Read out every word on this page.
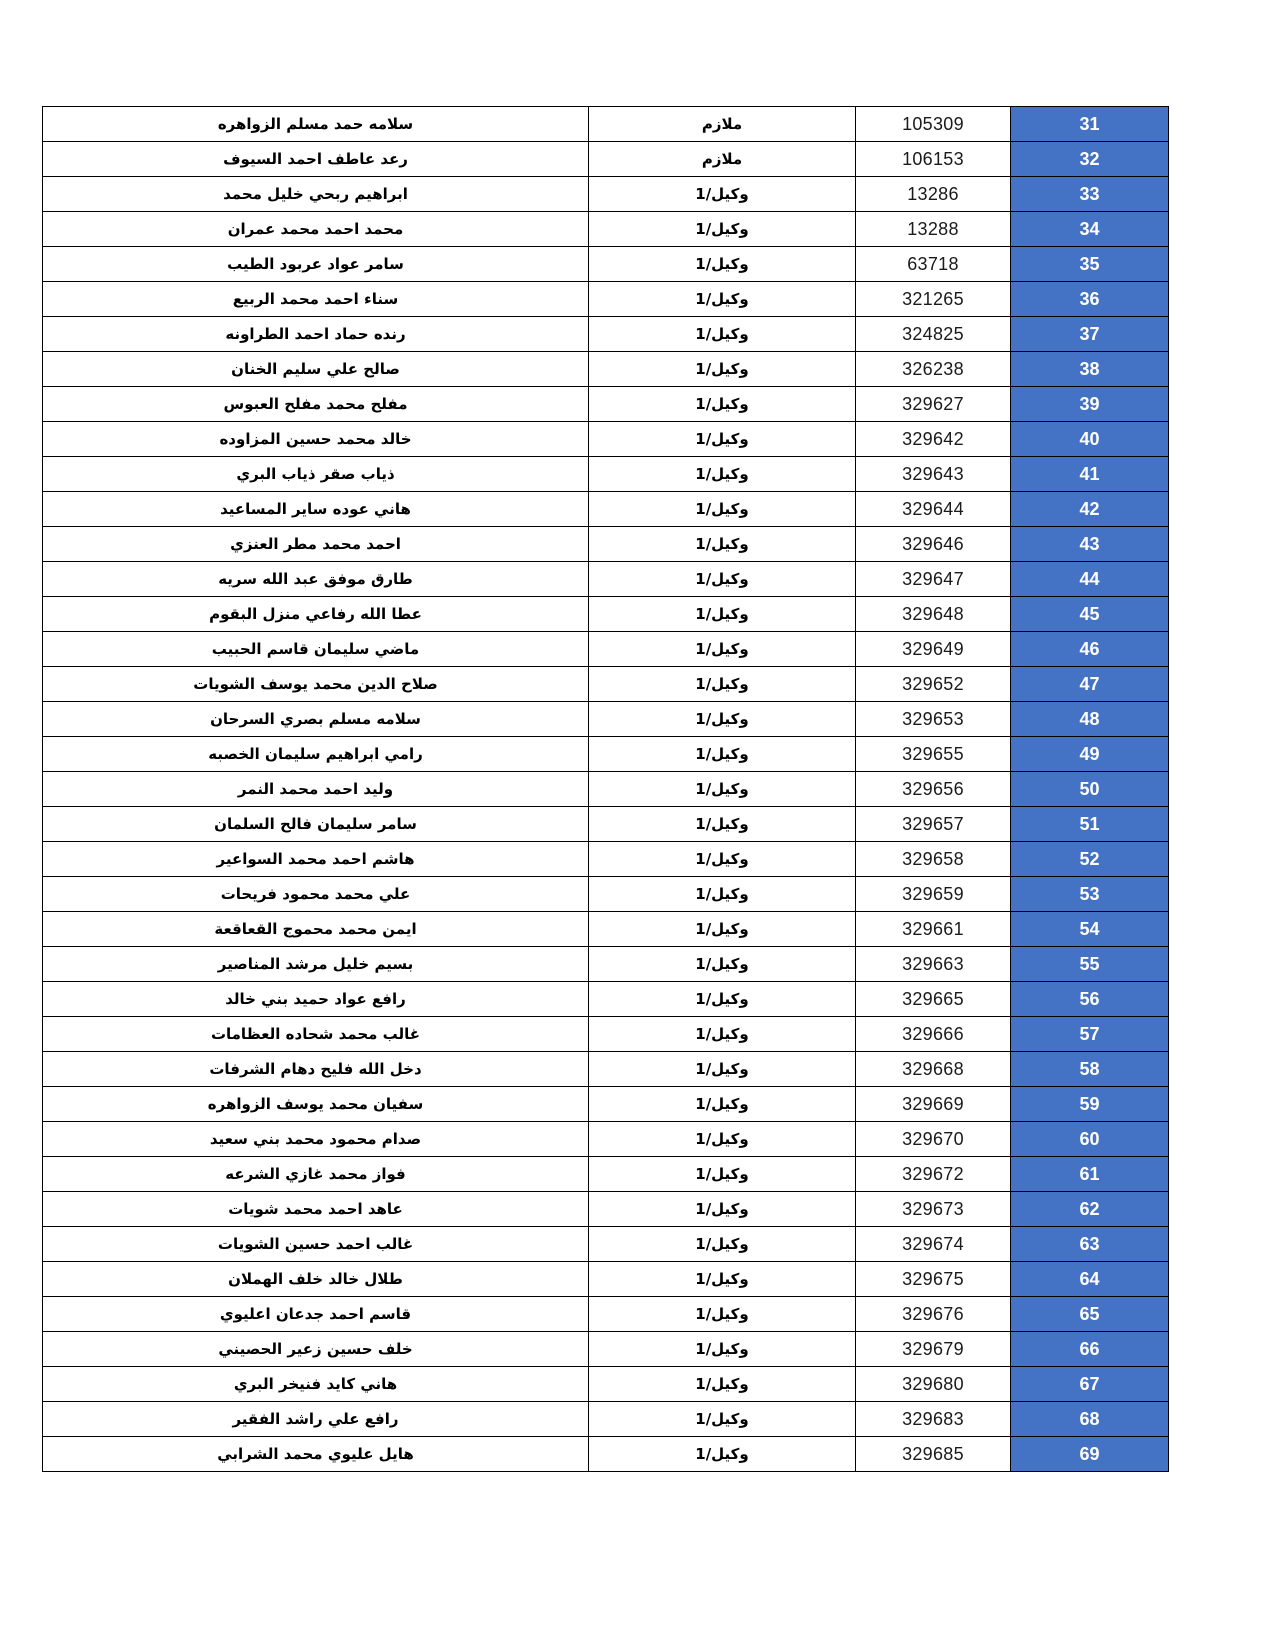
سلامه حمد مسلم الزواهره	ملازم	105309	31
رعد عاطف احمد السيوف	ملازم	106153	32
ابراهيم ربحي خليل محمد	وكيل/1	13286	33
محمد احمد محمد عمران	وكيل/1	13288	34
سامر عواد عربود الطيب	وكيل/1	63718	35
سناء احمد محمد الربيع	وكيل/1	321265	36
رنده حماد احمد الطراونه	وكيل/1	324825	37
صالح علي سليم الخنان	وكيل/1	326238	38
مفلح محمد مفلح العبوس	وكيل/1	329627	39
خالد محمد حسين المزاوده	وكيل/1	329642	40
ذياب صقر ذياب البري	وكيل/1	329643	41
هاني عوده ساير المساعيد	وكيل/1	329644	42
احمد محمد مطر العنزي	وكيل/1	329646	43
طارق موفق عبد الله سريه	وكيل/1	329647	44
عطا الله رفاعي منزل البقوم	وكيل/1	329648	45
ماضي سليمان قاسم الحبيب	وكيل/1	329649	46
صلاح الدين محمد يوسف الشويات	وكيل/1	329652	47
سلامه مسلم بصري السرحان	وكيل/1	329653	48
رامي ابراهيم سليمان الخصبه	وكيل/1	329655	49
وليد احمد محمد النمر	وكيل/1	329656	50
سامر سليمان فالح السلمان	وكيل/1	329657	51
هاشم احمد محمد السواعير	وكيل/1	329658	52
علي محمد محمود فريحات	وكيل/1	329659	53
ايمن محمد محموج القعاقعة	وكيل/1	329661	54
بسيم خليل مرشد المناصير	وكيل/1	329663	55
رافع عواد حميد بني خالد	وكيل/1	329665	56
غالب محمد شحاده العظامات	وكيل/1	329666	57
دخل الله فليح دهام الشرفات	وكيل/1	329668	58
سفيان محمد يوسف الزواهره	وكيل/1	329669	59
صدام محمود محمد بني سعيد	وكيل/1	329670	60
فواز محمد غازي الشرعه	وكيل/1	329672	61
عاهد احمد محمد شويات	وكيل/1	329673	62
غالب احمد حسين الشويات	وكيل/1	329674	63
طلال خالد خلف الهملان	وكيل/1	329675	64
قاسم احمد جدعان اعليوي	وكيل/1	329676	65
خلف حسين زعير الحصيني	وكيل/1	329679	66
هاني كايد فنيخر البري	وكيل/1	329680	67
رافع علي راشد الفقير	وكيل/1	329683	68
هايل عليوي محمد الشرابي	وكيل/1	329685	69
